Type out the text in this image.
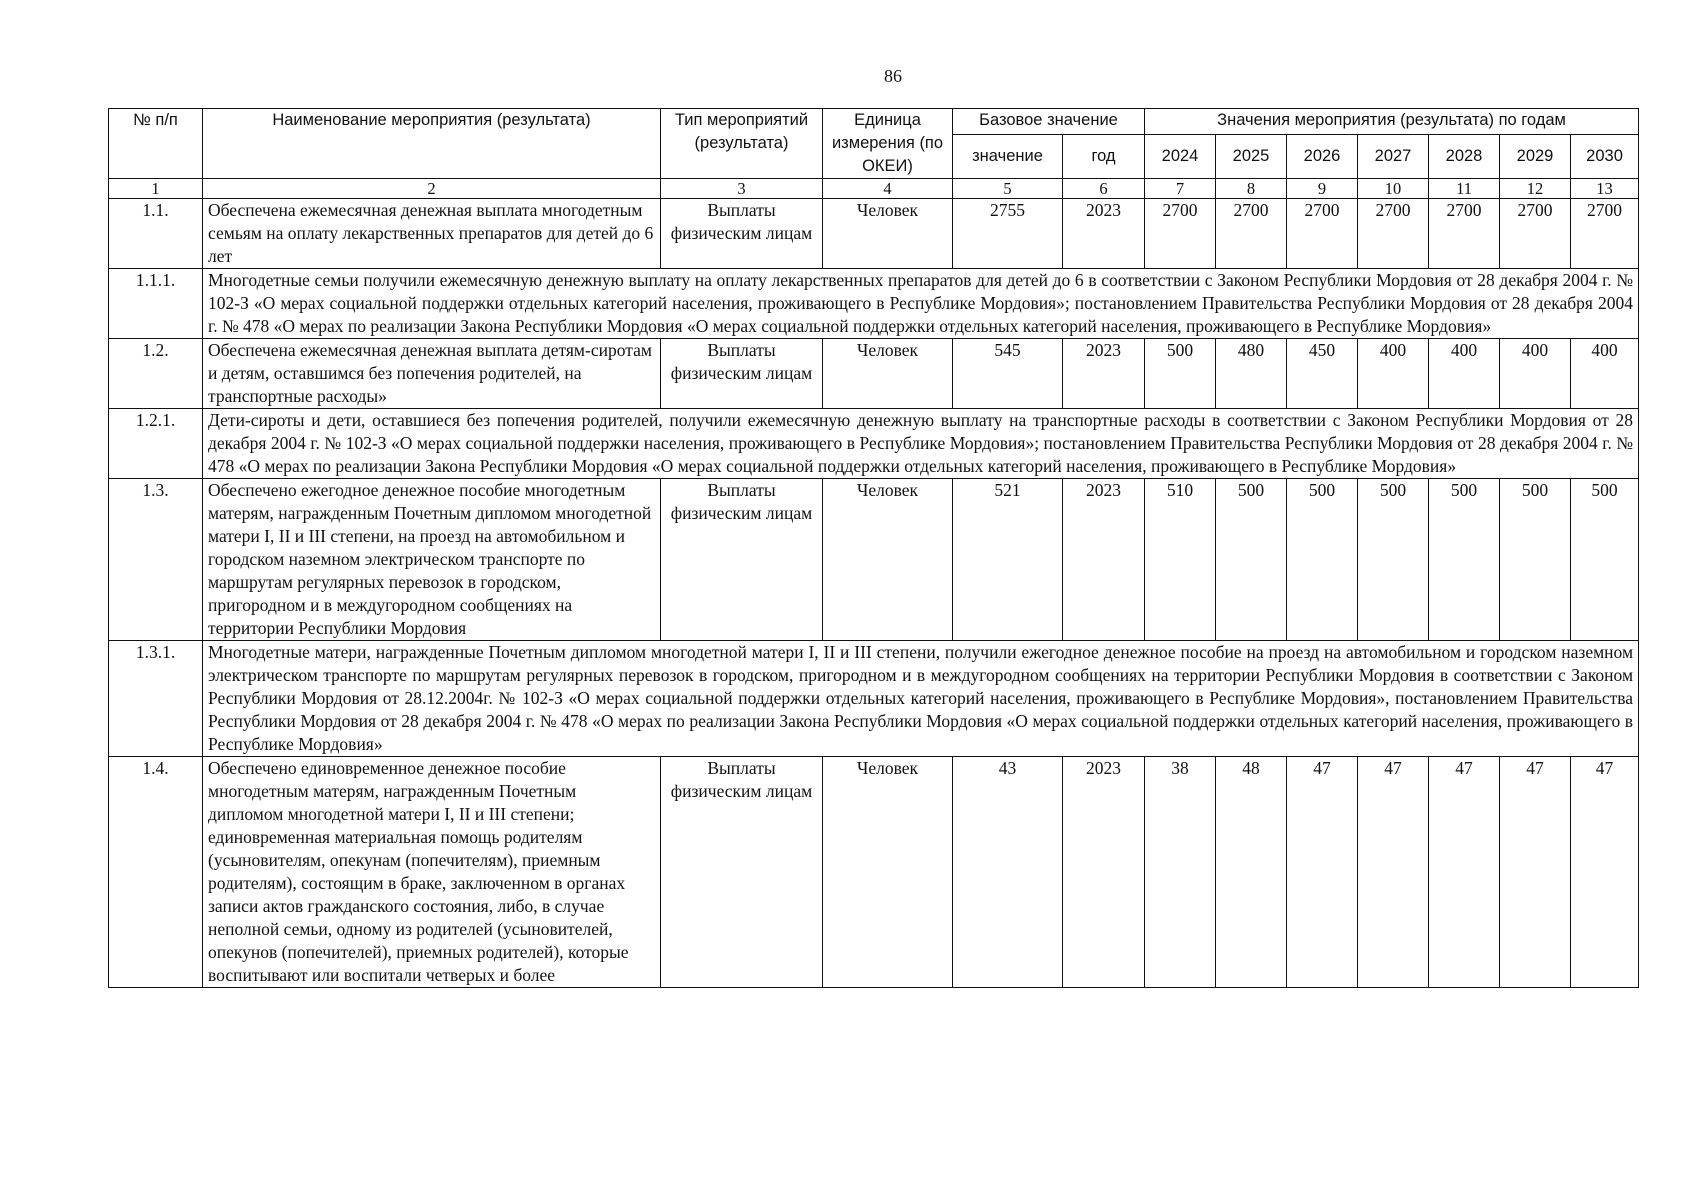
86
№ п/п	Наименование мероприятия (результата)	Тип мероприятий (результата)	Единица измерения (по ОКЕИ)	Базовое значение		Значения мероприятия (результата) по годам						
				значение	год	2024	2025	2026	2027	2028	2029	2030
1	2	3	4	5	6	7	8	9	10	11	12	13
1.1.	Обеспечена ежемесячная денежная выплата многодетным семьям на оплату лекарственных препаратов для детей до 6 лет	Выплаты физическим лицам	Человек	2755	2023	2700	2700	2700	2700	2700	2700	2700
1.1.1.	Многодетные семьи получили ежемесячную денежную выплату на оплату лекарственных препаратов для детей до 6 в соответствии с Законом Республики Мордовия от 28 декабря 2004 г. № 102-З «О мерах социальной поддержки отдельных категорий населения, проживающего в Республике Мордовия»; постановлением Правительства Республики Мордовия от 28 декабря 2004 г. № 478 «О мерах по реализации Закона Республики Мордовия «О мерах социальной поддержки отдельных категорий населения, проживающего в Республике Мордовия»											
1.2.	Обеспечена ежемесячная денежная выплата детям-сиротам и детям, оставшимся без попечения родителей, на транспортные расходы»	Выплаты физическим лицам	Человек	545	2023	500	480	450	400	400	400	400
1.2.1.	Дети-сироты и дети, оставшиеся без попечения родителей, получили ежемесячную денежную выплату на транспортные расходы в соответствии с Законом Республики Мордовия от 28 декабря 2004 г. № 102-З «О мерах социальной поддержки населения, проживающего в Республике Мордовия»; постановлением Правительства Республики Мордовия от 28 декабря 2004 г. № 478 «О мерах по реализации Закона Республики Мордовия «О мерах социальной поддержки отдельных категорий населения, проживающего в Республике Мордовия»											
1.3.	Обеспечено ежегодное денежное пособие многодетным матерям, награжденным Почетным дипломом многодетной матери I, II и III степени, на проезд на автомобильном и городском наземном электрическом транспорте по маршрутам регулярных перевозок в городском, пригородном и в междугородном сообщениях на территории Республики Мордовия	Выплаты физическим лицам	Человек	521	2023	510	500	500	500	500	500	500
1.3.1.	Многодетные матери, награжденные Почетным дипломом многодетной матери I, II и III степени, получили ежегодное денежное пособие на проезд на автомобильном и городском наземном электрическом транспорте по маршрутам регулярных перевозок в городском, пригородном и в междугородном сообщениях на территории Республики Мордовия в соответствии с Законом Республики Мордовия от 28.12.2004г. № 102-З «О мерах социальной поддержки отдельных категорий населения, проживающего в Республике Мордовия», постановлением Правительства Республики Мордовия от 28 декабря 2004 г. № 478 «О мерах по реализации Закона Республики Мордовия «О мерах социальной поддержки отдельных категорий населения, проживающего в Республике Мордовия»											
1.4.	Обеспечено единовременное денежное пособие многодетным матерям, награжденным Почетным дипломом многодетной матери I, II и III степени; единовременная материальная помощь родителям (усыновителям, опекунам (попечителям), приемным родителям), состоящим в браке, заключенном в органах записи актов гражданского состояния, либо, в случае неполной семьи, одному из родителей (усыновителей, опекунов (попечителей), приемных родителей), которые воспитывают или воспитали четверых и более	Выплаты физическим лицам	Человек	43	2023	38	48	47	47	47	47	47
